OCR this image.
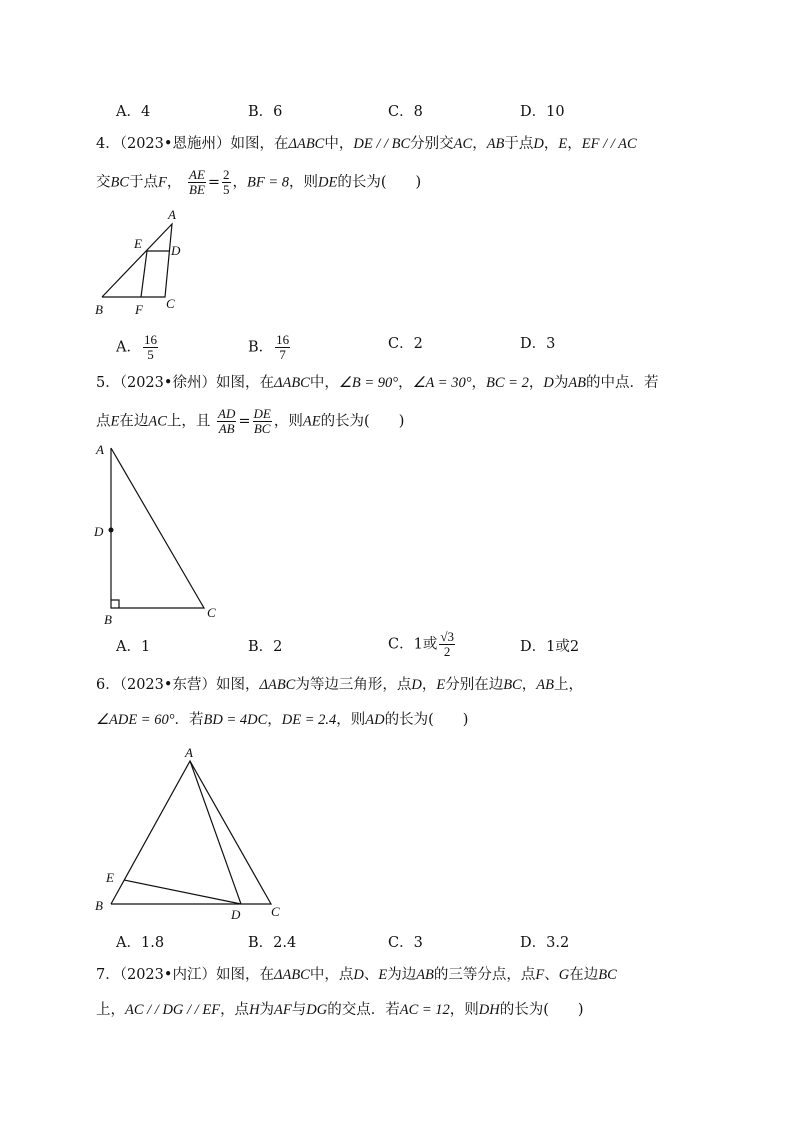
A．4	B．6	C．8	D．10
4．（2023•恩施州）如图，在ΔABC中，DE / / BC分别交AC，AB于点D，E，EF / / AC
交BC于点F， $\frac{AE}{BE} = \frac{2}{5}$ ，BF = 8，则DE的长为(　　)
A
E D
B F C
A． $\frac{16}{5}$	B． $\frac{16}{7}$	C．2	D．3
5．（2023•徐州）如图，在ΔABC中，∠B = 90°，∠A = 30°，BC = 2，D为AB的中点．若
点E在边AC上，且 $\frac{AD}{AB} = \frac{DE}{BC}$ ，则AE的长为(　　)
A
D
B	C
A．1	B．2	C．1或 $\frac{√3}{2}$	D．1或2
6．（2023•东营）如图，ΔABC为等边三角形，点D，E分别在边BC，AB上，
∠ADE = 60°．若BD = 4DC，DE = 2.4，则AD的长为(　　)
A
E
B
D C
A．1.8	B．2.4	C．3	D．3.2
7．（2023•内江）如图，在ΔABC中，点D、E为边AB的三等分点，点F、G在边BC
上，AC / / DG / / EF，点H为AF与DG的交点．若AC = 12，则DH的长为(　　)
